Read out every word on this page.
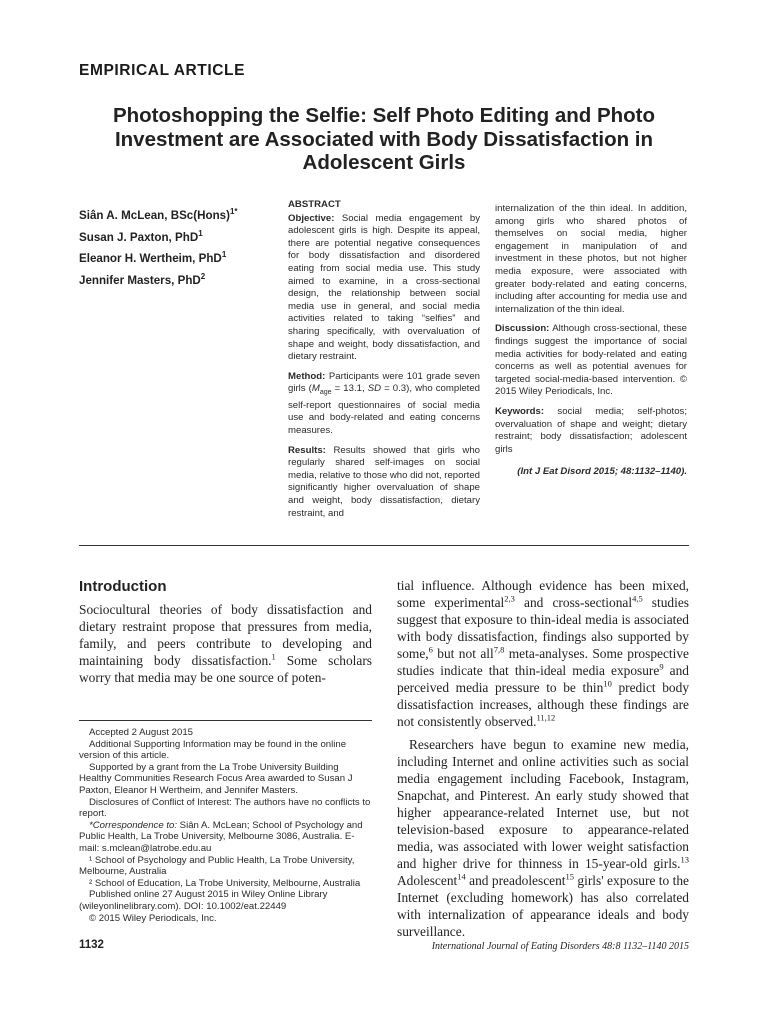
EMPIRICAL ARTICLE
Photoshopping the Selfie: Self Photo Editing and Photo Investment are Associated with Body Dissatisfaction in Adolescent Girls
Siân A. McLean, BSc(Hons)$^{1*}$
Susan J. Paxton, PhD$^1$
Eleanor H. Wertheim, PhD$^1$
Jennifer Masters, PhD$^2$
ABSTRACT

Objective: Social media engagement by adolescent girls is high. Despite its appeal, there are potential negative consequences for body dissatisfaction and disordered eating from social media use. This study aimed to examine, in a cross-sectional design, the relationship between social media use in general, and social media activities related to taking “selfies” and sharing specifically, with overvaluation of shape and weight, body dissatisfaction, and dietary restraint.

Method: Participants were 101 grade seven girls ($M_{age} = 13.1$, SD = 0.3), who completed self-report questionnaires of social media use and body-related and eating concerns measures.

Results: Results showed that girls who regularly shared self-images on social media, relative to those who did not, reported significantly higher overvaluation of shape and weight, body dissatisfaction, dietary restraint, and

internalization of the thin ideal. In addition, among girls who shared photos of themselves on social media, higher engagement in manipulation of and investment in these photos, but not higher media exposure, were associated with greater body-related and eating concerns, including after accounting for media use and internalization of the thin ideal.

Discussion: Although cross-sectional, these findings suggest the importance of social media activities for body-related and eating concerns as well as potential avenues for targeted social-media-based intervention. © 2015 Wiley Periodicals, Inc.

Keywords: social media; self-photos; overvaluation of shape and weight; dietary restraint; body dissatisfaction; adolescent girls

(Int J Eat Disord 2015; 48:1132–1140).
Introduction

Sociocultural theories of body dissatisfaction and dietary restraint propose that pressures from media, family, and peers contribute to developing and maintaining body dissatisfaction.$^1$ Some scholars worry that media may be one source of poten-

tial influence. Although evidence has been mixed, some experimental$^{2,3}$ and cross-sectional$^{4,5}$ studies suggest that exposure to thin-ideal media is associated with body dissatisfaction, findings also supported by some,$^6$ but not all$^{7,8}$ meta-analyses. Some prospective studies indicate that thin-ideal media exposure$^9$ and perceived media pressure to be thin$^{10}$ predict body dissatisfaction increases, although these findings are not consistently observed.$^{11,12}$

Researchers have begun to examine new media, including Internet and online activities such as social media engagement including Facebook, Instagram, Snapchat, and Pinterest. An early study showed that higher appearance-related Internet use, but not television-based exposure to appearance-related media, was associated with lower weight satisfaction and higher drive for thinness in 15-year-old girls.$^{13}$ Adolescent$^{14}$ and preadolescent$^{15}$ girls' exposure to the Internet (excluding homework) has also correlated with internalization of appearance ideals and body surveillance.

Accepted 2 August 2015
Additional Supporting Information may be found in the online version of this article.
Supported by a grant from the La Trobe University Building Healthy Communities Research Focus Area awarded to Susan J Paxton, Eleanor H Wertheim, and Jennifer Masters.
Disclosures of Conflict of Interest: The authors have no conflicts to report.
*Correspondence to: Siân A. McLean; School of Psychology and Public Health, La Trobe University, Melbourne 3086, Australia. E-mail: s.mclean@latrobe.edu.au
¹ School of Psychology and Public Health, La Trobe University, Melbourne, Australia
² School of Education, La Trobe University, Melbourne, Australia
Published online 27 August 2015 in Wiley Online Library (wileyonlinelibrary.com). DOI: 10.1002/eat.22449
© 2015 Wiley Periodicals, Inc.
1132	International Journal of Eating Disorders 48:8 1132–1140 2015
